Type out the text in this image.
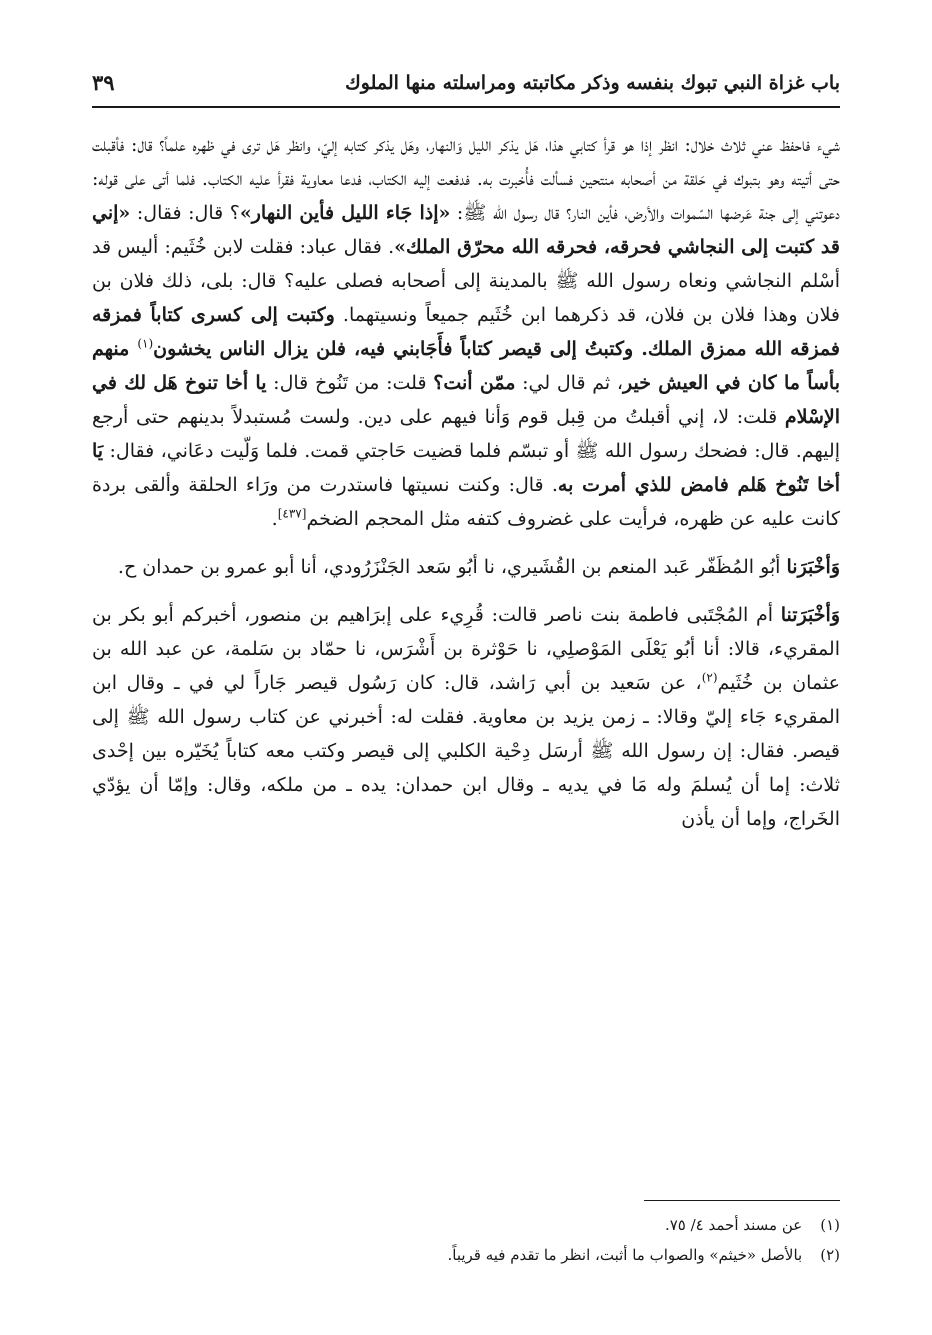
باب غزاة النبي تبوك بنفسه وذكر مكاتبته ومراسلته منها الملوك
٣٩

شيء فاحفظ عني ثلاث خلال: انظر إذا هو قرأ كتابي هذا، هَل يذكر الليل وَالنهار، وهَل يذكر كتابه إليّ، وانظر هَل ترى في ظهره علماً؟ قال: فأقبلت حتى أتيته وهو بتبوك في حَلقة من أصحابه منتحين فسألت فأُخبرت به. فدفعت إليه الكتاب، فدعا معاوية فقرأ عليه الكتاب. فلما أتى على قوله: دعوتني إلى جنة عَرضها السّموات والأرض، فأين النار؟ قال رسول الله ﷺ: «إذا جَاء الليل فأين النهار»؟ قال: فقال: «إني قد كتبت إلى النجاشي فحرقه، فحرقه الله محرّق الملك». فقال عباد: فقلت لابن خُثَيم: أليس قد أسْلم النجاشي ونعاه رسول الله ﷺ بالمدينة إلى أصحابه فصلى عليه؟ قال: بلى، ذلك فلان بن فلان وهذا فلان بن فلان، قد ذكرهما ابن خُثَيم جميعاً ونسيتهما. وكتبت إلى كسرى كتاباً فمزقه فمزقه الله ممزق الملك. وكتبتُ إلى قيصر كتاباً فأَجَابني فيه، فلن يزال الناس يخشون$^{(١)}$ منهم بأساً ما كان في العيش خير، ثم قال لي: ممّن أنت؟ قلت: من تَنُوخ قال: يا أخا تنوخ هَل لك في الإسْلام قلت: لا، إني أقبلتُ من قِبل قوم وَأنا فيهم على دين. ولست مُستبدلاً بدينهم حتى أرجع إليهم. قال: فضحك رسول الله ﷺ أو تبسّم فلما قضيت حَاجتي قمت. فلما وَلّيت دعَاني، فقال: يَا أخا تَنُوخ هَلم فامض للذي أمرت به. قال: وكنت نسيتها فاستدرت من ورَاء الحلقة وألقى بردة كانت عليه عن ظهره، فرأيت على غضروف كتفه مثل المحجم الضخم[٤٣٧].

وَأخْبَرَنا أبُو المُظَفّر عَبد المنعم بن القُشَيري، نا أبُو سَعد الجَنْزَرُودي، أنا أبو عمرو بن حمدان ح.

وَأخْبَرَتنا أم المُجْتَبى فاطمة بنت ناصر قالت: قُرِيء على إبرَاهيم بن منصور، أخبركم أبو بكر بن المقريء، قالا: أنا أبُو يَعْلَى المَوْصلِي، نا حَوْثرة بن أَشْرَس، نا حمّاد بن سَلمة، عن عبد الله بن عثمان بن خُثَيم$^{(٢)}$، عن سَعيد بن أبي رَاشد، قال: كان رَسُول قيصر جَاراً لي في ـ وقال ابن المقريء جَاء إليّ وقالا: ـ زمن يزيد بن معاوية. فقلت له: أخبرني عن كتاب رسول الله ﷺ إلى قيصر. فقال: إن رسول الله ﷺ أرسَل دِحْية الكلبي إلى قيصر وكتب معه كتاباً يُخَيّره بين إحْدى ثلاث: إما أن يُسلمَ وله مَا في يديه ـ وقال ابن حمدان: يده ـ من ملكه، وقال: وإمّا أن يؤدّي الخَراج، وإما أن يأذن

(١)عن مسند أحمد ٤/ ٧٥.
(٢)بالأصل «خيثم» والصواب ما أثبت، انظر ما تقدم فيه قريباً.
